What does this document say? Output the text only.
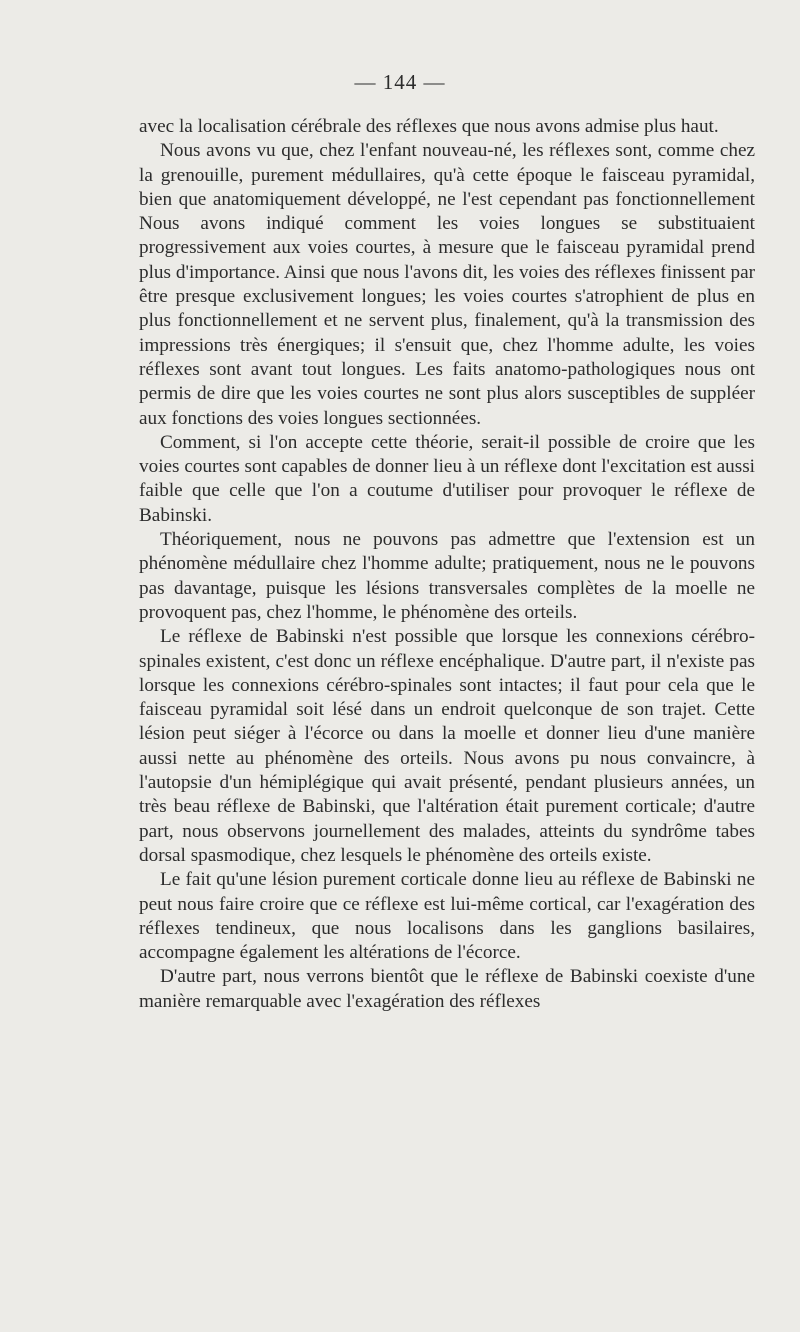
— 144 —

avec la localisation cérébrale des réflexes que nous avons admise plus haut.

Nous avons vu que, chez l'enfant nouveau-né, les réflexes sont, comme chez la grenouille, purement médullaires, qu'à cette époque le faisceau pyramidal, bien que anatomiquement développé, ne l'est cependant pas fonctionnellement Nous avons indiqué comment les voies longues se substituaient progressivement aux voies courtes, à mesure que le faisceau pyramidal prend plus d'importance. Ainsi que nous l'avons dit, les voies des réflexes finissent par être presque exclusivement longues; les voies courtes s'atrophient de plus en plus fonctionnellement et ne servent plus, finalement, qu'à la transmission des impressions très énergiques; il s'ensuit que, chez l'homme adulte, les voies réflexes sont avant tout longues. Les faits anatomo-pathologiques nous ont permis de dire que les voies courtes ne sont plus alors susceptibles de suppléer aux fonctions des voies longues sectionnées.

Comment, si l'on accepte cette théorie, serait-il possible de croire que les voies courtes sont capables de donner lieu à un réflexe dont l'excitation est aussi faible que celle que l'on a coutume d'utiliser pour provoquer le réflexe de Babinski.

Théoriquement, nous ne pouvons pas admettre que l'extension est un phénomène médullaire chez l'homme adulte; pratiquement, nous ne le pouvons pas davantage, puisque les lésions transversales complètes de la moelle ne provoquent pas, chez l'homme, le phénomène des orteils.

Le réflexe de Babinski n'est possible que lorsque les connexions cérébro-spinales existent, c'est donc un réflexe encéphalique. D'autre part, il n'existe pas lorsque les connexions cérébro-spinales sont intactes; il faut pour cela que le faisceau pyramidal soit lésé dans un endroit quelconque de son trajet. Cette lésion peut siéger à l'écorce ou dans la moelle et donner lieu d'une manière aussi nette au phénomène des orteils. Nous avons pu nous convaincre, à l'autopsie d'un hémiplégique qui avait présenté, pendant plusieurs années, un très beau réflexe de Babinski, que l'altération était purement corticale; d'autre part, nous observons journellement des malades, atteints du syndrôme tabes dorsal spasmodique, chez lesquels le phénomène des orteils existe.

Le fait qu'une lésion purement corticale donne lieu au réflexe de Babinski ne peut nous faire croire que ce réflexe est lui-même cortical, car l'exagération des réflexes tendineux, que nous localisons dans les ganglions basilaires, accompagne également les altérations de l'écorce.

D'autre part, nous verrons bientôt que le réflexe de Babinski coexiste d'une manière remarquable avec l'exagération des réflexes
